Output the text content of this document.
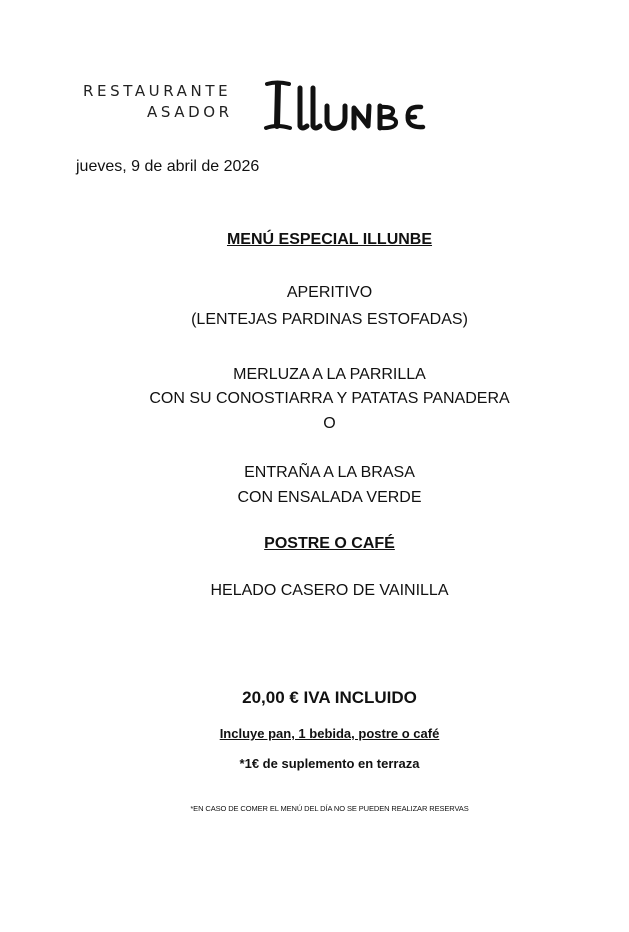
RESTAURANTE
ASADOR
jueves, 9 de abril de 2026
MENÚ ESPECIAL ILLUNBE
APERITIVO
(LENTEJAS PARDINAS ESTOFADAS)
MERLUZA A LA PARRILLA
CON SU CONOSTIARRA Y PATATAS PANADERA
O
ENTRAÑA A LA BRASA
CON ENSALADA VERDE
POSTRE O CAFÉ
HELADO CASERO DE VAINILLA
20,00 € IVA INCLUIDO
Incluye pan, 1 bebida, postre o café
*1€ de suplemento en terraza
*EN CASO DE COMER EL MENÚ DEL DÍA NO SE PUEDEN REALIZAR RESERVAS
